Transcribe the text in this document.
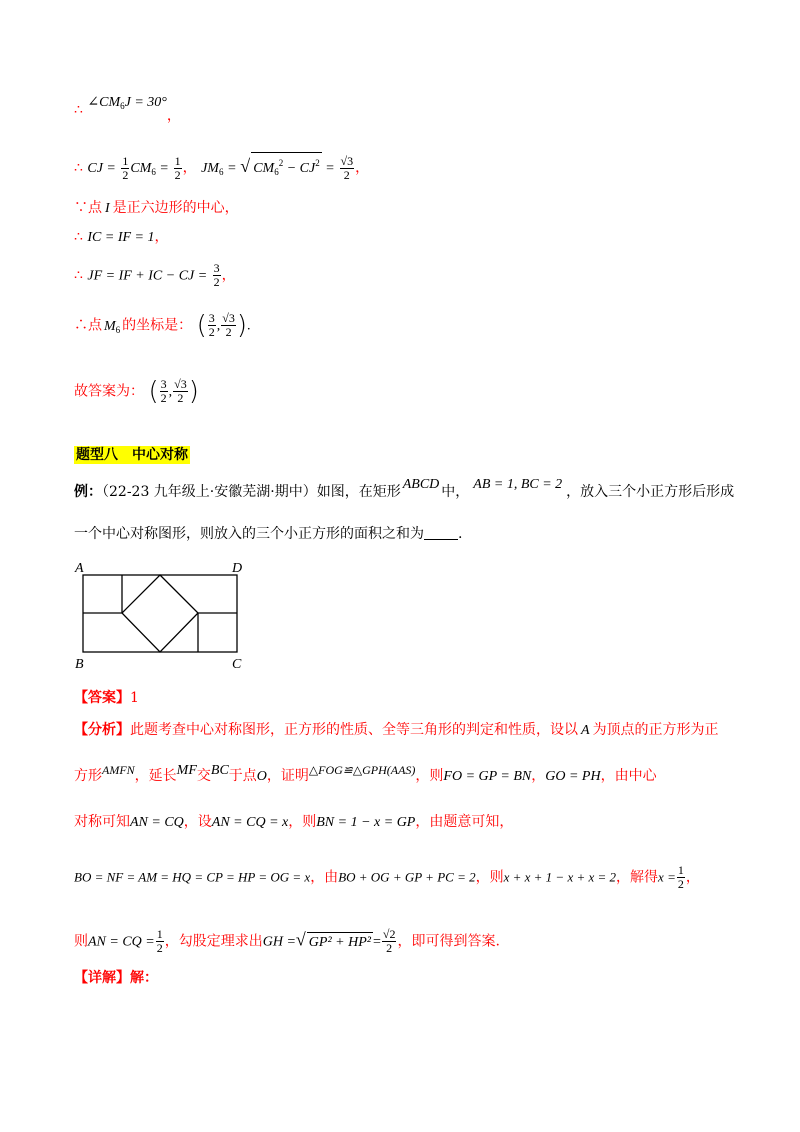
∴ $\angle CM_6J = 30^\circ$，
∴ CJ = $\frac{1}{2} CM_6 = \frac{1}{2}$ ， $JM_6$ = √ $CM_6^2 - CJ^2 = \frac{√3}{2}$ ，
∵点 I 是正六边形的中心，
∴ IC = IF = 1，
∴ JF = IF + IC − CJ = $\frac{3}{2}$ ，
∴点 $M_6$ 的坐标是： ( $\frac{3}{2}$ , $\frac{√3}{2}$ ).
故答案为： ( $\frac{3}{2}$ , $\frac{√3}{2}$ )
题型八　中心对称
例：（22-23 九年级上·安徽芜湖·期中）如图，在矩形 ABCD 中， AB = 1, BC = 2 ，放入三个小正方形后形成
一个中心对称图形，则放入的三个小正方形的面积之和为 .
A	D
B	C
【答案】1
【分析】此题考查中心对称图形，正方形的性质、全等三角形的判定和性质，设以 A 为顶点的正方形为正
方形AMFN，延长MF交BC于点O，证明△FOG≌△GPH(AAS)，则FO = GP = BN，GO = PH，由中心
对称可知AN = CQ，设AN = CQ = x，则BN = 1 − x = GP，由题意可知，
BO = NF = AM = HQ = CP = HP = OG = x，由BO + OG + GP + PC = 2，则x + x + 1 − x + x = 2，解得$x = \frac{1}{2}$ ，
则AN = CQ = $\frac{1}{2}$ ，勾股定理求出GH =√ $GP^2 + HP^2 = \frac{√2}{2}$ ，即可得到答案.
【详解】解：
